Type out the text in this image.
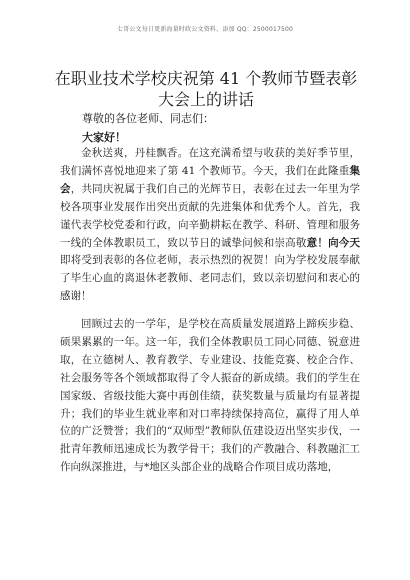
七哥公文每日更新海量时政公文资料，添加 QQ：2500017500
在职业技术学校庆祝第 41 个教师节暨表彰大会上的讲话
尊敬的各位老师、同志们：
大家好！

金秋送爽，丹桂飘香。在这充满希望与收获的美好季节里，我们满怀喜悦地迎来了第 41 个教师节。今天，我们在此隆重集 会，共同庆祝属于我们自己的光辉节日，表彰在过去一年里为学校各项事业发展作出突出贡献的先进集体和优秀个人。首先，我 谨代表学校党委和行政，向辛勤耕耘在教学、科研、管理和服务 一线的全体教职员工，致以节日的诚挚问候和崇高敬意！向今天 即将受到表彰的各位老师，表示热烈的祝贺！向为学校发展奉献 了毕生心血的离退休老教师、老同志们，致以亲切慰问和衷心的 感谢！

回顾过去的一学年，是学校在高质量发展道路上蹄疾步稳、硕果累累的一年。这一年，我们全体教职员工同心同德、锐意进取，在立德树人、教育教学、专业建设、技能竞赛、校企合作、社会服务等各个领域都取得了令人振奋的新成绩。我们的学生在国家级、省级技能大赛中再创佳绩，获奖数量与质量均有显著提升；我们的毕业生就业率和对口率持续保持高位，赢得了用人单位的广泛赞誉；我们的“双师型”教师队伍建设迈出坚实步伐，一批青年教师迅速成长为教学骨干；我们的产教融合、科教融汇工作向纵深推进，与*地区头部企业的战略合作项目成功落地，
